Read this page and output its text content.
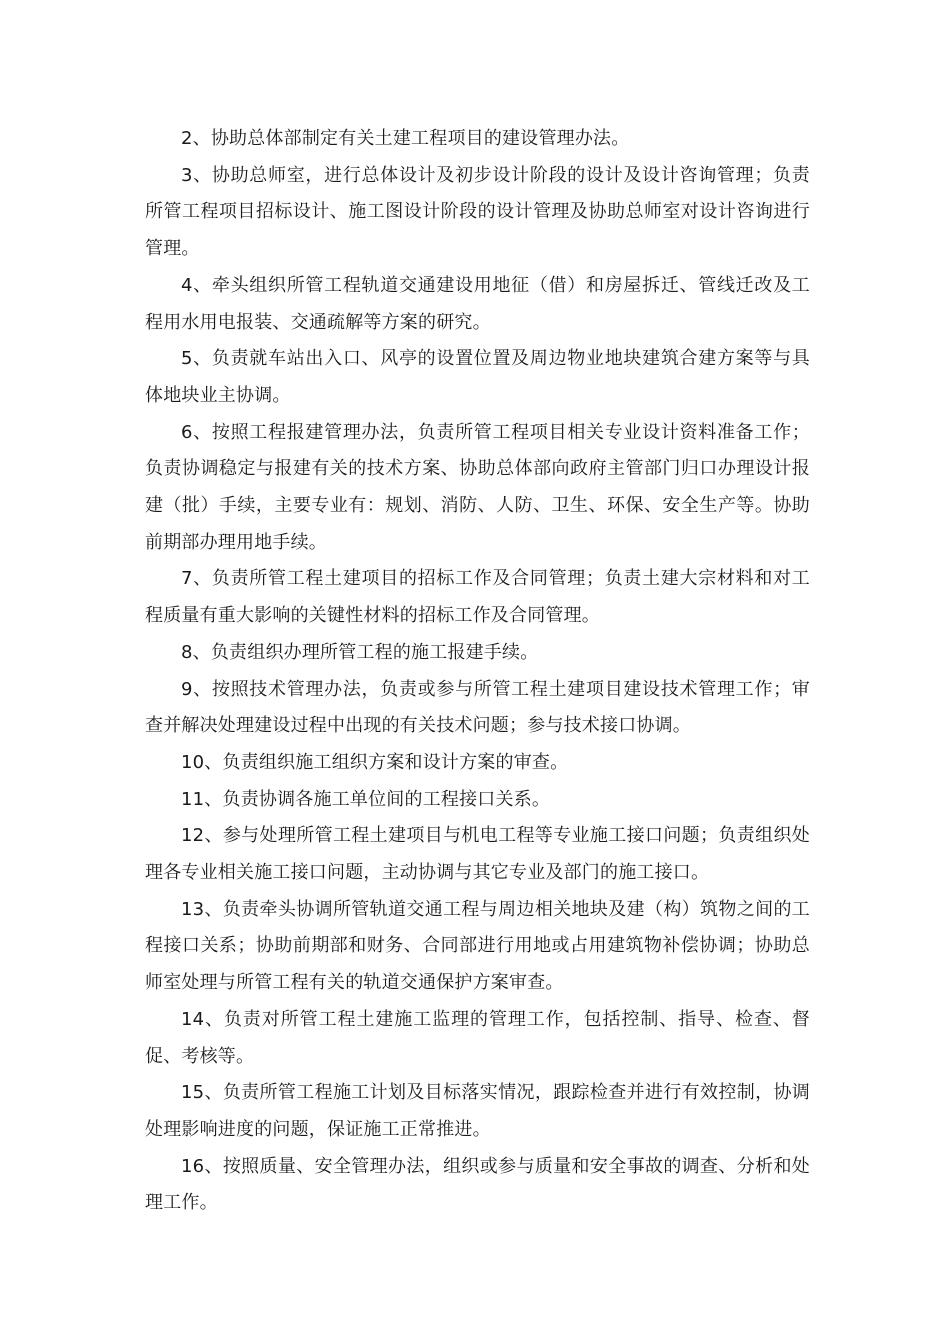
2、协助总体部制定有关土建工程项目的建设管理办法。

3、协助总师室，进行总体设计及初步设计阶段的设计及设计咨询管理；负责所管工程项目招标设计、施工图设计阶段的设计管理及协助总师室对设计咨询进行管理。

4、牵头组织所管工程轨道交通建设用地征（借）和房屋拆迁、管线迁改及工程用水用电报装、交通疏解等方案的研究。

5、负责就车站出入口、风亭的设置位置及周边物业地块建筑合建方案等与具体地块业主协调。

6、按照工程报建管理办法，负责所管工程项目相关专业设计资料准备工作；负责协调稳定与报建有关的技术方案、协助总体部向政府主管部门归口办理设计报建（批）手续，主要专业有：规划、消防、人防、卫生、环保、安全生产等。协助前期部办理用地手续。

7、负责所管工程土建项目的招标工作及合同管理；负责土建大宗材料和对工程质量有重大影响的关键性材料的招标工作及合同管理。

8、负责组织办理所管工程的施工报建手续。

9、按照技术管理办法，负责或参与所管工程土建项目建设技术管理工作；审查并解决处理建设过程中出现的有关技术问题；参与技术接口协调。

10、负责组织施工组织方案和设计方案的审查。

11、负责协调各施工单位间的工程接口关系。

12、参与处理所管工程土建项目与机电工程等专业施工接口问题；负责组织处理各专业相关施工接口问题，主动协调与其它专业及部门的施工接口。

13、负责牵头协调所管轨道交通工程与周边相关地块及建（构）筑物之间的工程接口关系；协助前期部和财务、合同部进行用地或占用建筑物补偿协调；协助总师室处理与所管工程有关的轨道交通保护方案审查。

14、负责对所管工程土建施工监理的管理工作，包括控制、指导、检查、督促、考核等。

15、负责所管工程施工计划及目标落实情况，跟踪检查并进行有效控制，协调处理影响进度的问题，保证施工正常推进。

16、按照质量、安全管理办法，组织或参与质量和安全事故的调查、分析和处理工作。
